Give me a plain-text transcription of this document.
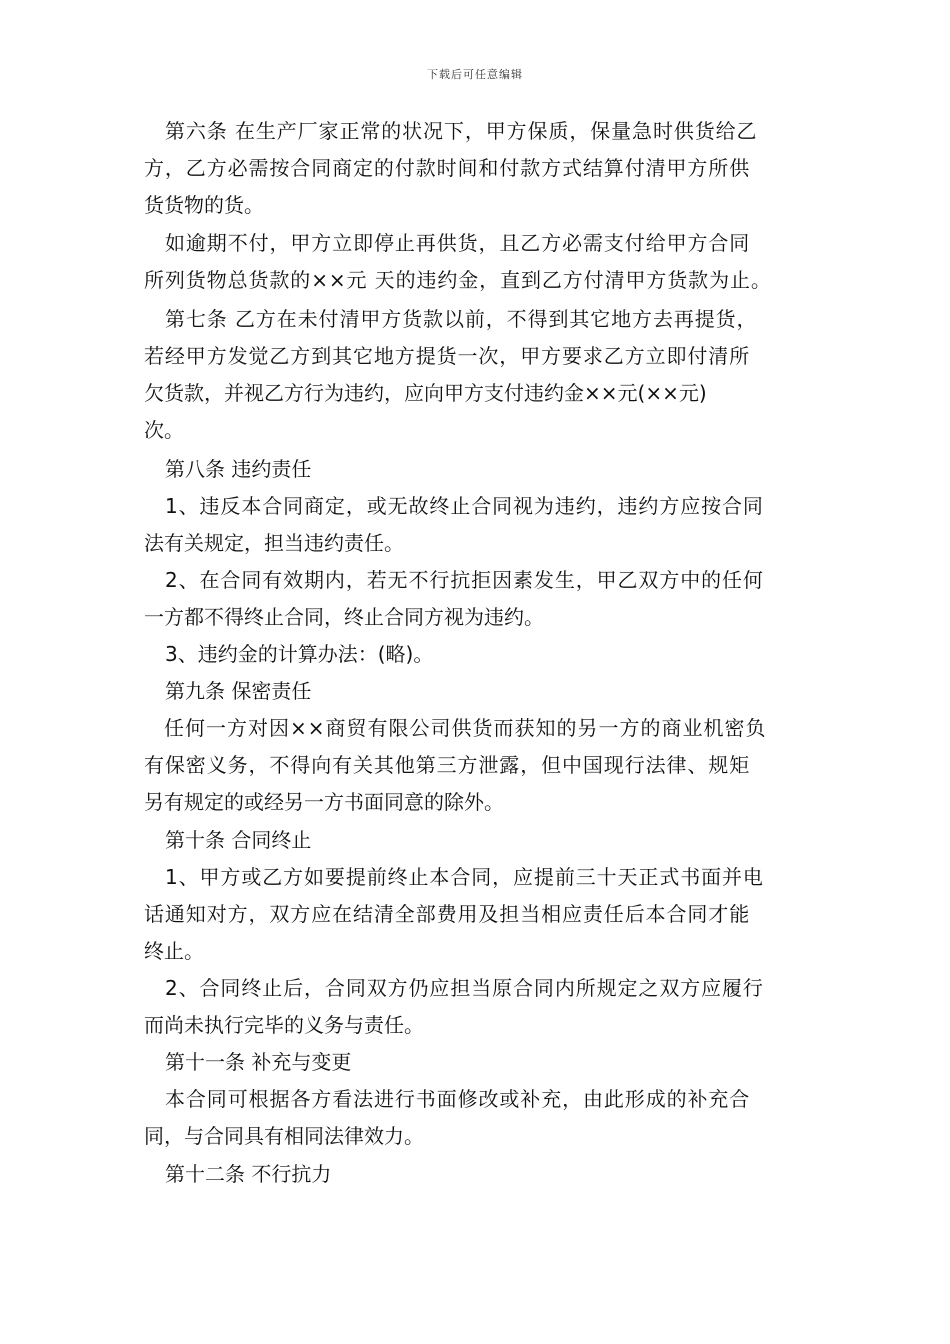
下载后可任意编辑
第六条 在生产厂家正常的状况下，甲方保质，保量急时供货给乙
方，乙方必需按合同商定的付款时间和付款方式结算付清甲方所供
货货物的货。
如逾期不付，甲方立即停止再供货，且乙方必需支付给甲方合同
所列货物总货款的××元 天的违约金，直到乙方付清甲方货款为止。
第七条 乙方在未付清甲方货款以前，不得到其它地方去再提货，
若经甲方发觉乙方到其它地方提货一次，甲方要求乙方立即付清所
欠货款，并视乙方行为违约，应向甲方支付违约金××元(××元)
次。
第八条 违约责任
1、违反本合同商定，或无故终止合同视为违约，违约方应按合同
法有关规定，担当违约责任。
2、在合同有效期内，若无不行抗拒因素发生，甲乙双方中的任何
一方都不得终止合同，终止合同方视为违约。
3、违约金的计算办法：(略)。
第九条 保密责任
任何一方对因××商贸有限公司供货而获知的另一方的商业机密负
有保密义务，不得向有关其他第三方泄露，但中国现行法律、规矩
另有规定的或经另一方书面同意的除外。
第十条 合同终止
1、甲方或乙方如要提前终止本合同，应提前三十天正式书面并电
话通知对方，双方应在结清全部费用及担当相应责任后本合同才能
终止。
2、合同终止后，合同双方仍应担当原合同内所规定之双方应履行
而尚未执行完毕的义务与责任。
第十一条 补充与变更
本合同可根据各方看法进行书面修改或补充，由此形成的补充合
同，与合同具有相同法律效力。
第十二条 不行抗力
